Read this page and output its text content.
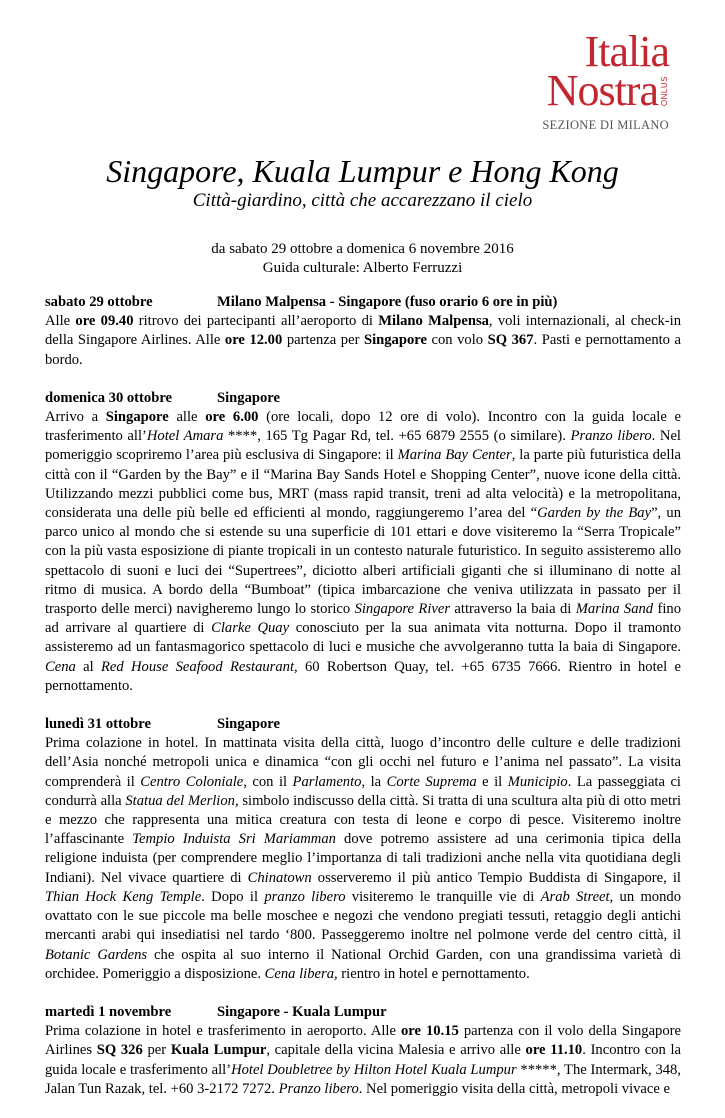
Italia
Nostra ONLUS
SEZIONE DI MILANO
Singapore, Kuala Lumpur e Hong Kong
Città-giardino, città che accarezzano il cielo
da sabato 29 ottobre a domenica 6 novembre 2016
Guida culturale: Alberto Ferruzzi
sabato 29 ottobre	Milano Malpensa - Singapore (fuso orario 6 ore in più)

Alle ore 09.40 ritrovo dei partecipanti all’aeroporto di Milano Malpensa, voli internazionali, al check-in della Singapore Airlines. Alle ore 12.00 partenza per Singapore con volo SQ 367. Pasti e pernottamento a bordo.

domenica 30 ottobre	Singapore

Arrivo a Singapore alle ore 6.00 (ore locali, dopo 12 ore di volo). Incontro con la guida locale e trasferimento all’Hotel Amara ****, 165 Tg Pagar Rd, tel. +65 6879 2555 (o similare). Pranzo libero. Nel pomeriggio scopriremo l’area più esclusiva di Singapore: il Marina Bay Center, la parte più futuristica della città con il “Garden by the Bay” e il “Marina Bay Sands Hotel e Shopping Center”, nuove icone della città. Utilizzando mezzi pubblici come bus, MRT (mass rapid transit, treni ad alta velocità) e la metropolitana, considerata una delle più belle ed efficienti al mondo, raggiungeremo l’area del “Garden by the Bay”, un parco unico al mondo che si estende su una superficie di 101 ettari e dove visiteremo la “Serra Tropicale” con la più vasta esposizione di piante tropicali in un contesto naturale futuristico. In seguito assisteremo allo spettacolo di suoni e luci dei “Supertrees”, diciotto alberi artificiali giganti che si illuminano di notte al ritmo di musica. A bordo della “Bumboat” (tipica imbarcazione che veniva utilizzata in passato per il trasporto delle merci) navigheremo lungo lo storico Singapore River attraverso la baia di Marina Sand fino ad arrivare al quartiere di Clarke Quay conosciuto per la sua animata vita notturna. Dopo il tramonto assisteremo ad un fantasmagorico spettacolo di luci e musiche che avvolgeranno tutta la baia di Singapore. Cena al Red House Seafood Restaurant, 60 Robertson Quay, tel. +65 6735 7666. Rientro in hotel e pernottamento.

lunedì 31 ottobre	Singapore

Prima colazione in hotel. In mattinata visita della città, luogo d’incontro delle culture e delle tradizioni dell’Asia nonché metropoli unica e dinamica “con gli occhi nel futuro e l’anima nel passato”. La visita comprenderà il Centro Coloniale, con il Parlamento, la Corte Suprema e il Municipio. La passeggiata ci condurrà alla Statua del Merlion, simbolo indiscusso della città. Si tratta di una scultura alta più di otto metri e mezzo che rappresenta una mitica creatura con testa di leone e corpo di pesce. Visiteremo inoltre l’affascinante Tempio Induista Sri Mariamman dove potremo assistere ad una cerimonia tipica della religione induista (per comprendere meglio l’importanza di tali tradizioni anche nella vita quotidiana degli Indiani). Nel vivace quartiere di Chinatown osserveremo il più antico Tempio Buddista di Singapore, il Thian Hock Keng Temple. Dopo il pranzo libero visiteremo le tranquille vie di Arab Street, un mondo ovattato con le sue piccole ma belle moschee e negozi che vendono pregiati tessuti, retaggio degli antichi mercanti arabi qui insediatisi nel tardo ‘800. Passeggeremo inoltre nel polmone verde del centro città, il Botanic Gardens che ospita al suo interno il National Orchid Garden, con una grandissima varietà di orchidee. Pomeriggio a disposizione. Cena libera, rientro in hotel e pernottamento.

martedì 1 novembre	Singapore - Kuala Lumpur

Prima colazione in hotel e trasferimento in aeroporto. Alle ore 10.15 partenza con il volo della Singapore Airlines SQ 326 per Kuala Lumpur, capitale della vicina Malesia e arrivo alle ore 11.10. Incontro con la guida locale e trasferimento all’Hotel Doubletree by Hilton Hotel Kuala Lumpur *****, The Intermark, 348, Jalan Tun Razak, tel. +60 3-2172 7272. Pranzo libero. Nel pomeriggio visita della città, metropoli vivace e
